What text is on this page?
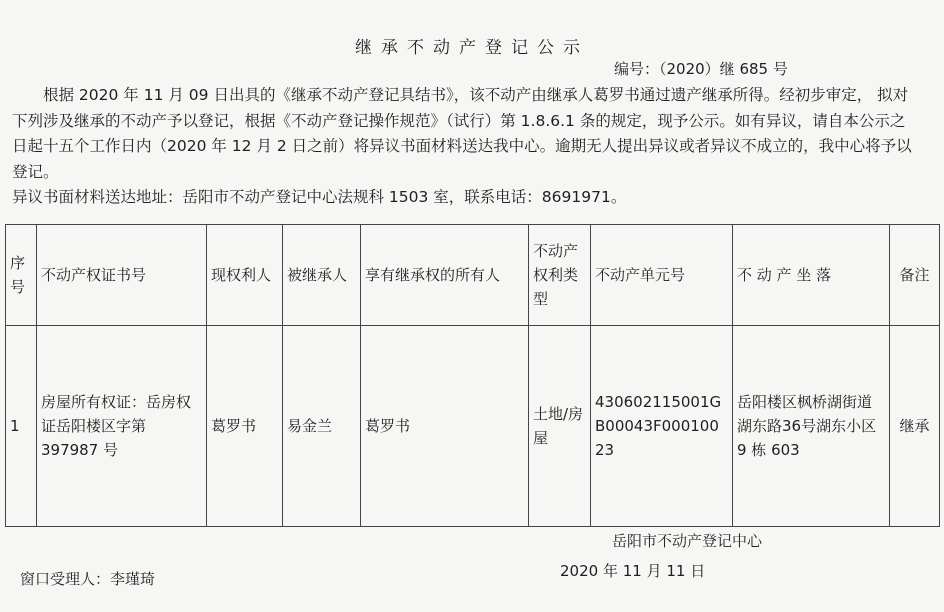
继承不动产登记公示
编号：（2020）继 685 号

根据 2020 年 11 月 09 日出具的《继承不动产登记具结书》，该不动产由继承人葛罗书通过遗产继承所得。经初步审定， 拟对下列涉及继承的不动产予以登记，根据《不动产登记操作规范》（试行）第 1.8.6.1 条的规定，现予公示。如有异议，请自本公示之日起十五个工作日内（2020 年 12 月 2 日之前）将异议书面材料送达我中心。逾期无人提出异议或者异议不成立的，我中心将予以登记。

异议书面材料送达地址：岳阳市不动产登记中心法规科 1503 室，联系电话：8691971。

序号	不动产权证书号	现权利人	被继承人	享有继承权的所有人	不动产权利类型	不动产单元号	不 动 产 坐 落	备注
1	房屋所有权证：岳房权证岳阳楼区字第 397987 号	葛罗书	易金兰	葛罗书	土地/房屋	430602115001GB00043F00010023	岳阳楼区枫桥湖街道湖东路36号湖东小区 9 栋 603	继承
岳阳市不动产登记中心
2020 年 11 月 11 日
窗口受理人：李瑾琦
